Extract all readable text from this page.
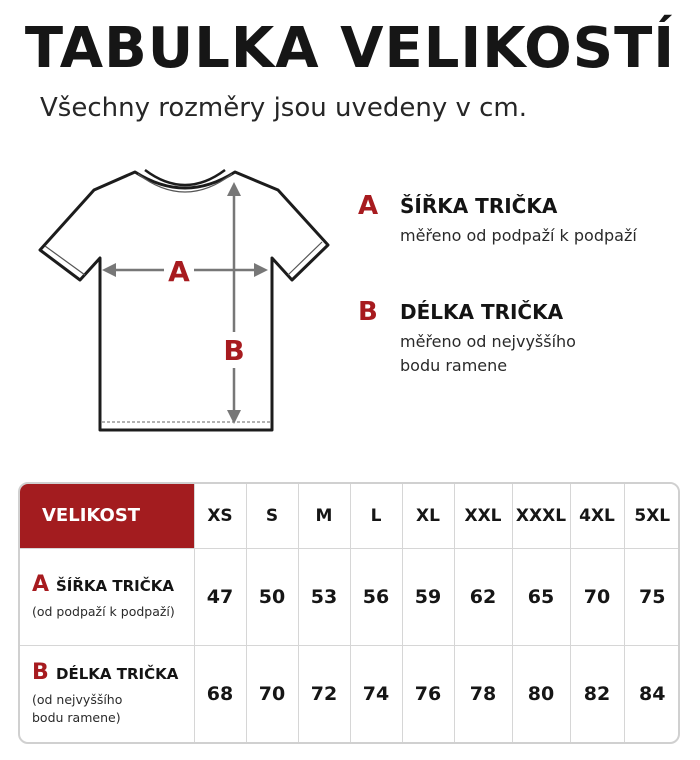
TABULKA VELIKOSTÍ
Všechny rozměry jsou uvedeny v cm.
A
B
A ŠÍŘKA TRIČKA
měřeno od podpaží k podpaží
B DÉLKA TRIČKA
měřeno od nejvyššího bodu ramene
VELIKOST	XS	S	M	L	XL	XXL	XXXL	4XL	5XL
A ŠÍŘKA TRIČKA
(od podpaží k podpaží)	47	50	53	56	59	62	65	70	75
B DÉLKA TRIČKA
(od nejvyššího bodu ramene)	68	70	72	74	76	78	80	82	84
